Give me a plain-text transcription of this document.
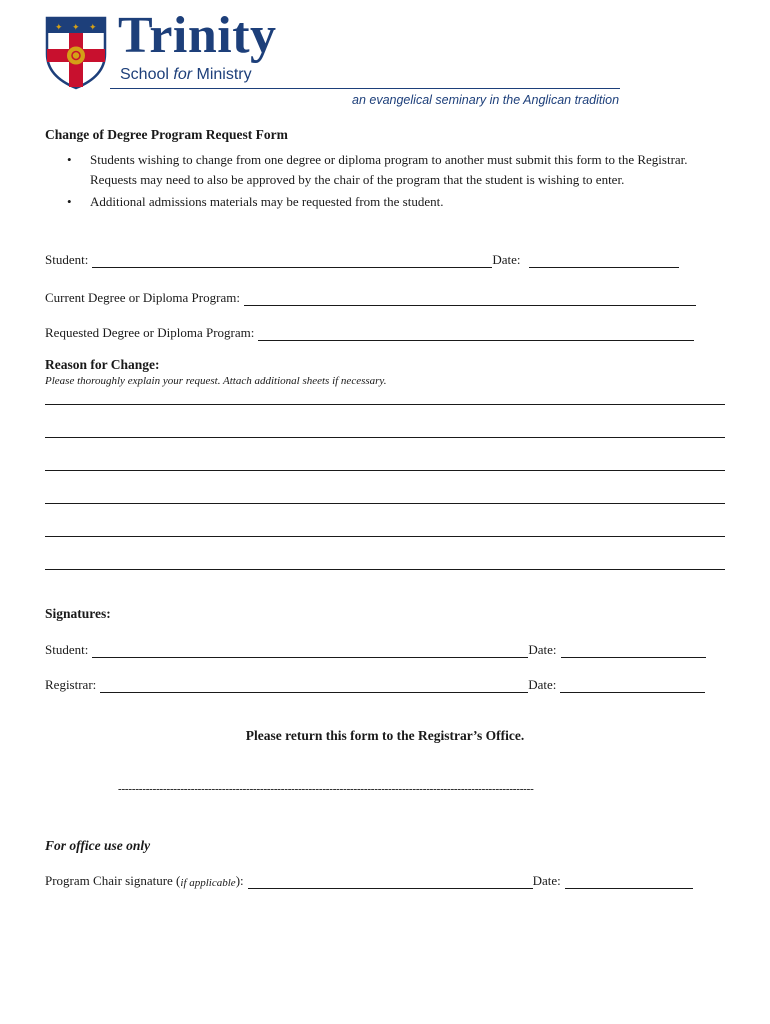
✦ ✦ ✦ Trinity
School for Ministry
an evangelical seminary in the Anglican tradition
Change of Degree Program Request Form
• Students wishing to change from one degree or diploma program to another must submit this form to the Registrar. Requests may need to also be approved by the chair of the program that the student is wishing to enter.
• Additional admissions materials may be requested from the student.
Student:	Date:
Current Degree or Diploma Program:
Requested Degree or Diploma Program:
Reason for Change:
Please thoroughly explain your request. Attach additional sheets if necessary.
Signatures:
Student:	Date:
Registrar:	Date:
Please return this form to the Registrar’s Office.
------------------------------------------------------------------------------------------------------------------------
For office use only
Program Chair signature ( if applicable ):	Date:
